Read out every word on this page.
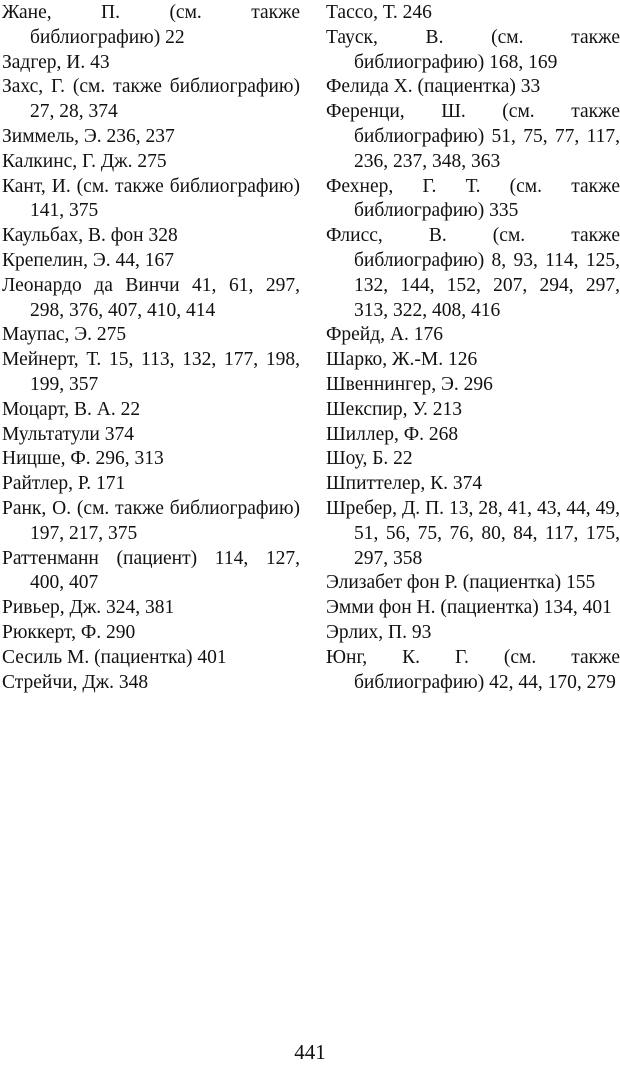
Жане, П. (см. также библиографию) 22
Задгер, И. 43
Захс, Г. (см. также библиографию) 27, 28, 374
Зиммель, Э. 236, 237
Калкинс, Г. Дж. 275
Кант, И. (см. также библиографию) 141, 375
Каульбах, В. фон 328
Крепелин, Э. 44, 167
Леонардо да Винчи 41, 61, 297, 298, 376, 407, 410, 414
Маупас, Э. 275
Мейнерт, Т. 15, 113, 132, 177, 198, 199, 357
Моцарт, В. А. 22
Мультатули 374
Ницше, Ф. 296, 313
Райтлер, Р. 171
Ранк, О. (см. также библиографию) 197, 217, 375
Раттенманн (пациент) 114, 127, 400, 407
Ривьер, Дж. 324, 381
Рюккерт, Ф. 290
Сесиль М. (пациентка) 401
Стрейчи, Дж. 348
Тассо, Т. 246
Тауск, В. (см. также библиографию) 168, 169
Фелида Х. (пациентка) 33
Ференци, Ш. (см. также библиографию) 51, 75, 77, 117, 236, 237, 348, 363
Фехнер, Г. Т. (см. также библиографию) 335
Флисс, В. (см. также библиографию) 8, 93, 114, 125, 132, 144, 152, 207, 294, 297, 313, 322, 408, 416
Фрейд, А. 176
Шарко, Ж.-М. 126
Швеннингер, Э. 296
Шекспир, У. 213
Шиллер, Ф. 268
Шоу, Б. 22
Шпиттелер, К. 374
Шребер, Д. П. 13, 28, 41, 43, 44, 49, 51, 56, 75, 76, 80, 84, 117, 175, 297, 358
Элизабет фон Р. (пациентка) 155
Эмми фон Н. (пациентка) 134, 401
Эрлих, П. 93
Юнг, К. Г. (см. также библиографию) 42, 44, 170, 279
441
